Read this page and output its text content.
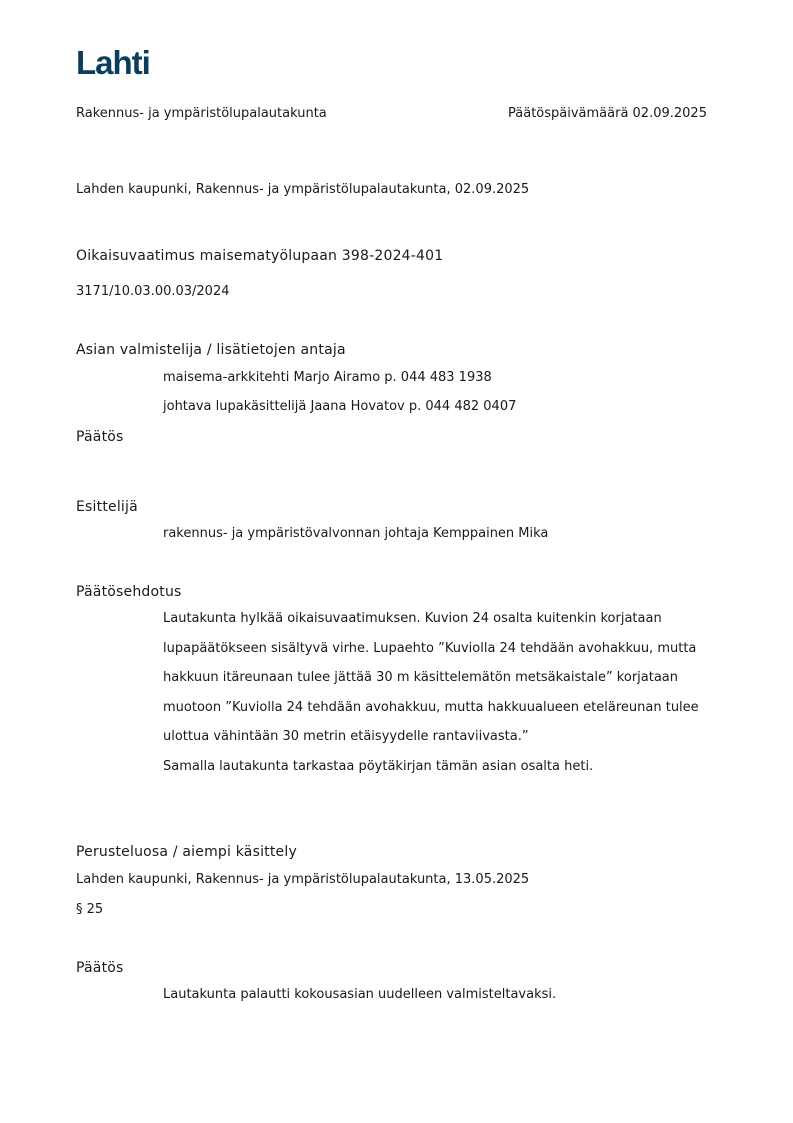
Lahti
Rakennus- ja ympäristölupalautakunta	Päätöspäivämäärä 02.09.2025
Lahden kaupunki, Rakennus- ja ympäristölupalautakunta, 02.09.2025
Oikaisuvaatimus maisematyölupaan 398-2024-401
3171/10.03.00.03/2024
Asian valmistelija / lisätietojen antaja
maisema-arkkitehti Marjo Airamo p. 044 483 1938
johtava lupakäsittelijä Jaana Hovatov p. 044 482 0407
Päätös
Esittelijä
rakennus- ja ympäristövalvonnan johtaja Kemppainen Mika
Päätösehdotus
Lautakunta hylkää oikaisuvaatimuksen. Kuvion 24 osalta kuitenkin korjataan
lupapäätökseen sisältyvä virhe. Lupaehto ”Kuviolla 24 tehdään avohakkuu, mutta
hakkuun itäreunaan tulee jättää 30 m käsittelemätön metsäkaistale” korjataan
muotoon ”Kuviolla 24 tehdään avohakkuu, mutta hakkuualueen eteläreunan tulee
ulottua vähintään 30 metrin etäisyydelle rantaviivasta.”
Samalla lautakunta tarkastaa pöytäkirjan tämän asian osalta heti.
Perusteluosa / aiempi käsittely
Lahden kaupunki, Rakennus- ja ympäristölupalautakunta, 13.05.2025
§ 25
Päätös
Lautakunta palautti kokousasian uudelleen valmisteltavaksi.
